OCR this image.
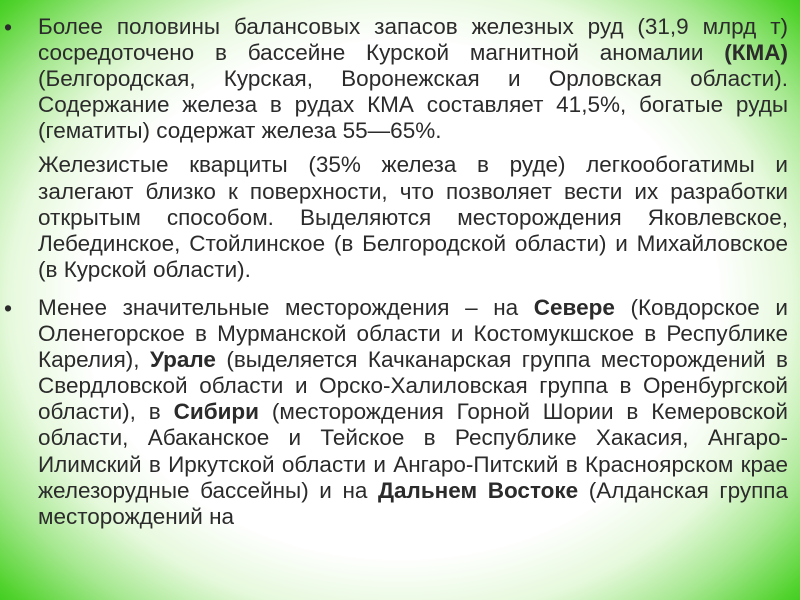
• Более половины балансовых запасов железных руд (31,9 млрд т) сосредоточено в бассейне Курской магнитной аномалии (КМА) (Белгородская, Курская, Воронежская и Орловская области). Содержание железа в рудах КМА составляет 41,5%, богатые руды (гематиты) содержат железа 55—65%.

Железистые кварциты (35% железа в руде) легкообогатимы и залегают близко к поверхности, что позволяет вести их разработки открытым способом. Выделяются месторождения Яковлевское, Лебединское, Стойлинское (в Белгородской области) и Михайловское (в Курской области).

• Менее значительные месторождения – на Севере (Ковдорское и Оленегорское в Мурманской области и Костомукшское в Республике Карелия), Урале (выделяется Качканарская группа месторождений в Свердловской области и Орско-Халиловская группа в Оренбургской области), в Сибири (месторождения Горной Шории в Кемеровской области, Абаканское и Тейское в Республике Хакасия, Ангаро-Илимский в Иркутской области и Ангаро-Питский в Красноярском крае железорудные бассейны) и на Дальнем Востоке (Алданская группа месторождений на
